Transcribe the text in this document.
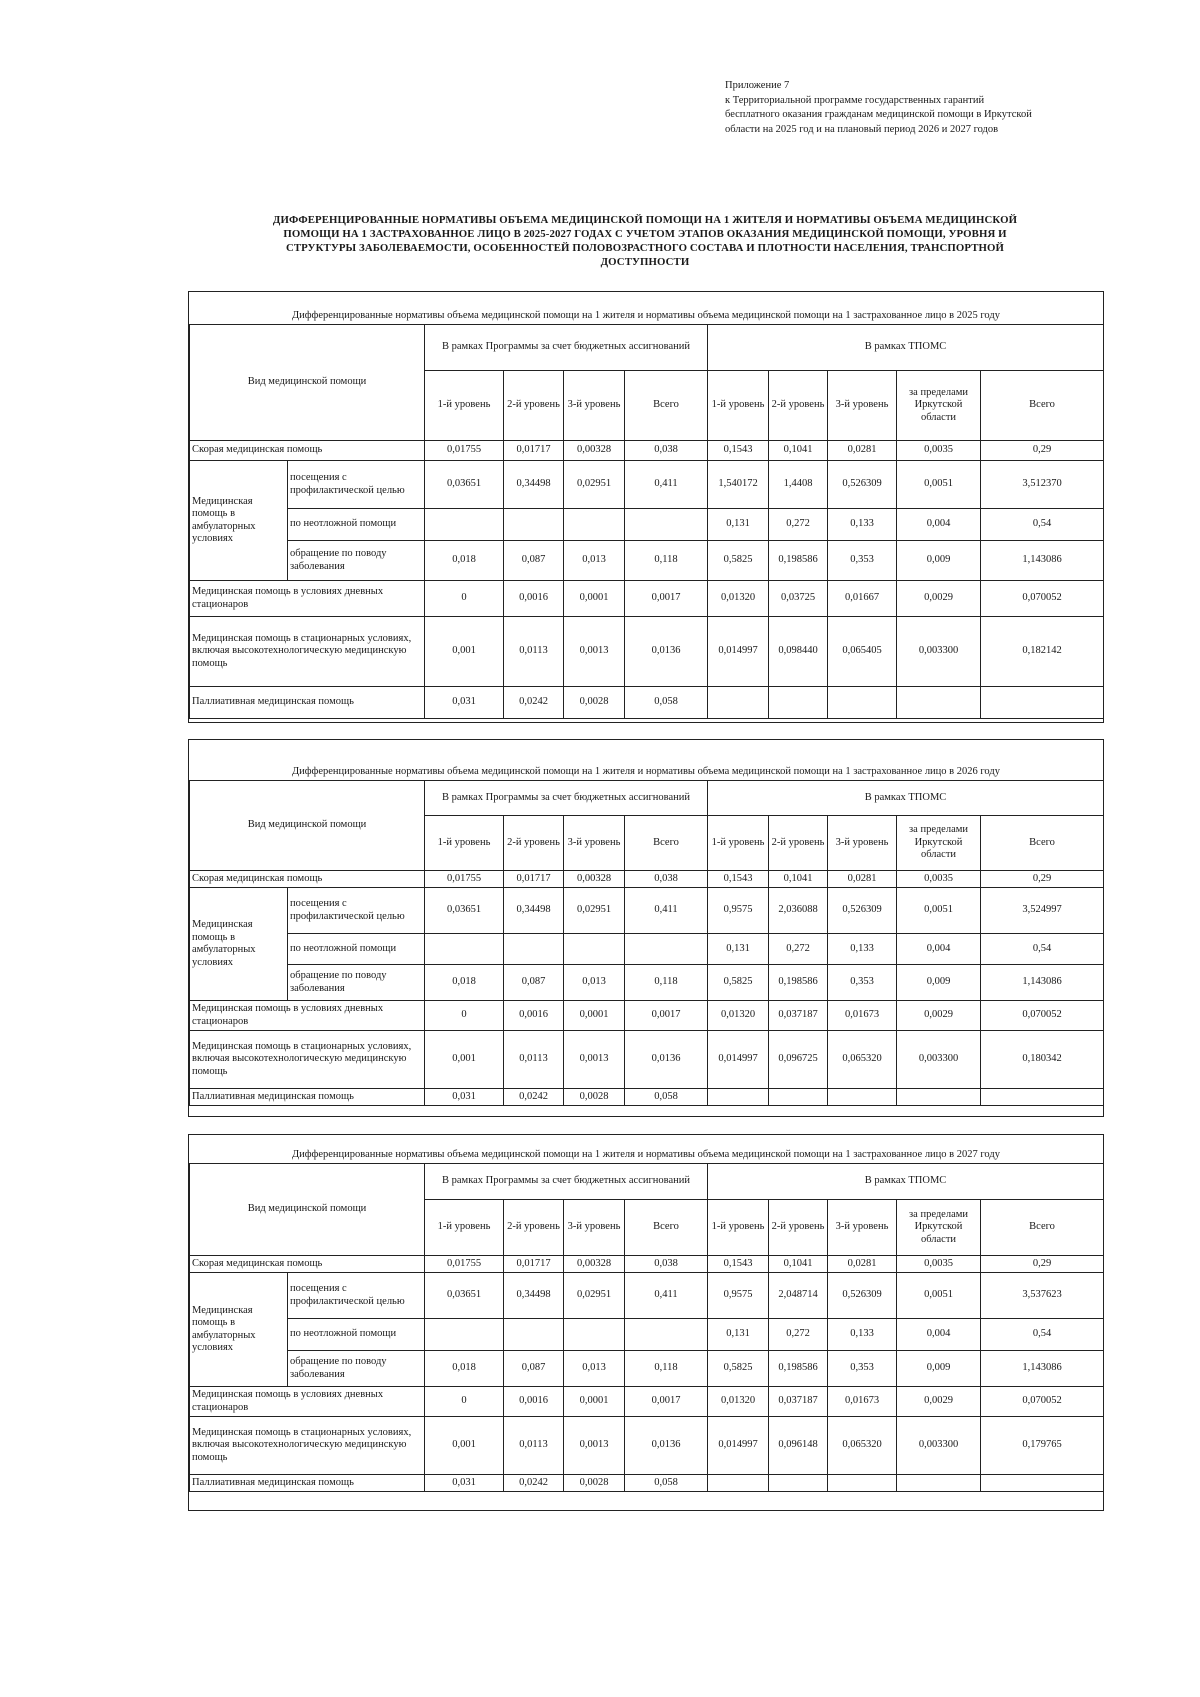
Приложение 7
к Территориальной программе государственных гарантий
бесплатного оказания гражданам медицинской помощи в Иркутской
области на 2025 год и на плановый период 2026 и 2027 годов
ДИФФЕРЕНЦИРОВАННЫЕ НОРМАТИВЫ ОБЪЕМА МЕДИЦИНСКОЙ ПОМОЩИ НА 1 ЖИТЕЛЯ И НОРМАТИВЫ ОБЪЕМА МЕДИЦИНСКОЙ
ПОМОЩИ НА 1 ЗАСТРАХОВАННОЕ ЛИЦО В 2025-2027 ГОДАХ С УЧЕТОМ ЭТАПОВ ОКАЗАНИЯ МЕДИЦИНСКОЙ ПОМОЩИ, УРОВНЯ И
СТРУКТУРЫ ЗАБОЛЕВАЕМОСТИ, ОСОБЕННОСТЕЙ ПОЛОВОЗРАСТНОГО СОСТАВА И ПЛОТНОСТИ НАСЕЛЕНИЯ, ТРАНСПОРТНОЙ
ДОСТУПНОСТИ
Дифференцированные нормативы объема медицинской помощи на 1 жителя и нормативы объема медицинской помощи на 1 застрахованное лицо в 2025 году
Вид медицинской помощи		В рамках Программы за счет бюджетных ассигнований				В рамках ТПОМС				
		1-й уровень	2-й уровень	3-й уровень	Всего	1-й уровень	2-й уровень	3-й уровень	за пределами Иркутской области	Всего
Скорая медицинская помощь		0,01755	0,01717	0,00328	0,038	0,1543	0,1041	0,0281	0,0035	0,29
Медицинская помощь в амбулаторных условиях	посещения с профилактической целью	0,03651	0,34498	0,02951	0,411	1,540172	1,4408	0,526309	0,0051	3,512370
	по неотложной помощи					0,131	0,272	0,133	0,004	0,54
	обращение по поводу заболевания	0,018	0,087	0,013	0,118	0,5825	0,198586	0,353	0,009	1,143086
Медицинская помощь в условиях дневных стационаров		0	0,0016	0,0001	0,0017	0,01320	0,03725	0,01667	0,0029	0,070052
Медицинская помощь в стационарных условиях, включая высокотехнологическую медицинскую помощь		0,001	0,0113	0,0013	0,0136	0,014997	0,098440	0,065405	0,003300	0,182142
Паллиативная медицинская помощь		0,031	0,0242	0,0028	0,058					
Дифференцированные нормативы объема медицинской помощи на 1 жителя и нормативы объема медицинской помощи на 1 застрахованное лицо в 2026 году
Вид медицинской помощи		В рамках Программы за счет бюджетных ассигнований				В рамках ТПОМС				
		1-й уровень	2-й уровень	3-й уровень	Всего	1-й уровень	2-й уровень	3-й уровень	за пределами Иркутской области	Всего
Скорая медицинская помощь		0,01755	0,01717	0,00328	0,038	0,1543	0,1041	0,0281	0,0035	0,29
Медицинская помощь в амбулаторных условиях	посещения с профилактической целью	0,03651	0,34498	0,02951	0,411	0,9575	2,036088	0,526309	0,0051	3,524997
	по неотложной помощи					0,131	0,272	0,133	0,004	0,54
	обращение по поводу заболевания	0,018	0,087	0,013	0,118	0,5825	0,198586	0,353	0,009	1,143086
Медицинская помощь в условиях дневных стационаров		0	0,0016	0,0001	0,0017	0,01320	0,037187	0,01673	0,0029	0,070052
Медицинская помощь в стационарных условиях, включая высокотехнологическую медицинскую помощь		0,001	0,0113	0,0013	0,0136	0,014997	0,096725	0,065320	0,003300	0,180342
Паллиативная медицинская помощь		0,031	0,0242	0,0028	0,058					
Дифференцированные нормативы объема медицинской помощи на 1 жителя и нормативы объема медицинской помощи на 1 застрахованное лицо в 2027 году
Вид медицинской помощи		В рамках Программы за счет бюджетных ассигнований				В рамках ТПОМС				
		1-й уровень	2-й уровень	3-й уровень	Всего	1-й уровень	2-й уровень	3-й уровень	за пределами Иркутской области	Всего
Скорая медицинская помощь		0,01755	0,01717	0,00328	0,038	0,1543	0,1041	0,0281	0,0035	0,29
Медицинская помощь в амбулаторных условиях	посещения с профилактической целью	0,03651	0,34498	0,02951	0,411	0,9575	2,048714	0,526309	0,0051	3,537623
	по неотложной помощи					0,131	0,272	0,133	0,004	0,54
	обращение по поводу заболевания	0,018	0,087	0,013	0,118	0,5825	0,198586	0,353	0,009	1,143086
Медицинская помощь в условиях дневных стационаров		0	0,0016	0,0001	0,0017	0,01320	0,037187	0,01673	0,0029	0,070052
Медицинская помощь в стационарных условиях, включая высокотехнологическую медицинскую помощь		0,001	0,0113	0,0013	0,0136	0,014997	0,096148	0,065320	0,003300	0,179765
Паллиативная медицинская помощь		0,031	0,0242	0,0028	0,058					
